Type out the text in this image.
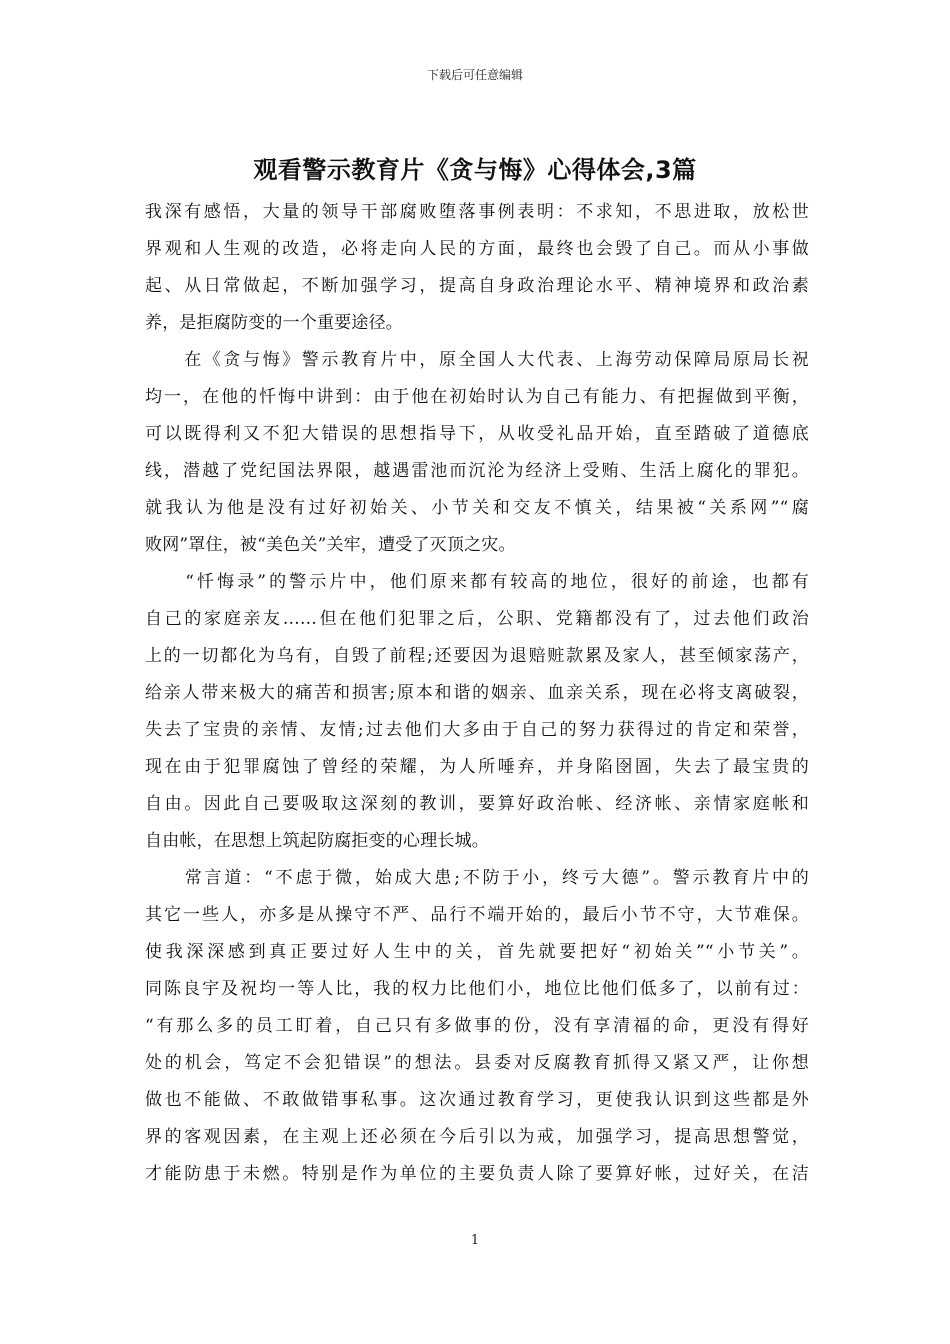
下载后可任意编辑
观看警示教育片《贪与悔》心得体会,3篇
我深有感悟，大量的领导干部腐败堕落事例表明：不求知，不思进取，放松世
界观和人生观的改造，必将走向人民的方面，最终也会毁了自己。而从小事做
起、从日常做起，不断加强学习，提高自身政治理论水平、精神境界和政治素
养，是拒腐防变的一个重要途径。
　　在《贪与悔》警示教育片中，原全国人大代表、上海劳动保障局原局长祝
均一，在他的忏悔中讲到：由于他在初始时认为自己有能力、有把握做到平衡，
可以既得利又不犯大错误的思想指导下，从收受礼品开始，直至踏破了道德底
线，潜越了党纪国法界限，越遇雷池而沉沦为经济上受贿、生活上腐化的罪犯。
就我认为他是没有过好初始关、小节关和交友不慎关，结果被“关系网”“腐
败网”罩住，被“美色关”关牢，遭受了灭顶之灾。
　　“忏悔录”的警示片中，他们原来都有较高的地位，很好的前途，也都有
自己的家庭亲友……但在他们犯罪之后，公职、党籍都没有了，过去他们政治
上的一切都化为乌有，自毁了前程;还要因为退赔赃款累及家人，甚至倾家荡产，
给亲人带来极大的痛苦和损害;原本和谐的姻亲、血亲关系，现在必将支离破裂，
失去了宝贵的亲情、友情;过去他们大多由于自己的努力获得过的肯定和荣誉，
现在由于犯罪腐蚀了曾经的荣耀，为人所唾弃，并身陷囹圄，失去了最宝贵的
自由。因此自己要吸取这深刻的教训，要算好政治帐、经济帐、亲情家庭帐和
自由帐，在思想上筑起防腐拒变的心理长城。
　　常言道：“不虑于微，始成大患;不防于小，终亏大德”。警示教育片中的
其它一些人，亦多是从操守不严、品行不端开始的，最后小节不守，大节难保。
使我深深感到真正要过好人生中的关，首先就要把好“初始关”“小节关”。
同陈良宇及祝均一等人比，我的权力比他们小，地位比他们低多了，以前有过：
“有那么多的员工盯着，自己只有多做事的份，没有享清福的命，更没有得好
处的机会，笃定不会犯错误”的想法。县委对反腐教育抓得又紧又严，让你想
做也不能做、不敢做错事私事。这次通过教育学习，更使我认识到这些都是外
界的客观因素，在主观上还必须在今后引以为戒，加强学习，提高思想警觉，
才能防患于未燃。特别是作为单位的主要负责人除了要算好帐，过好关，在洁
1
